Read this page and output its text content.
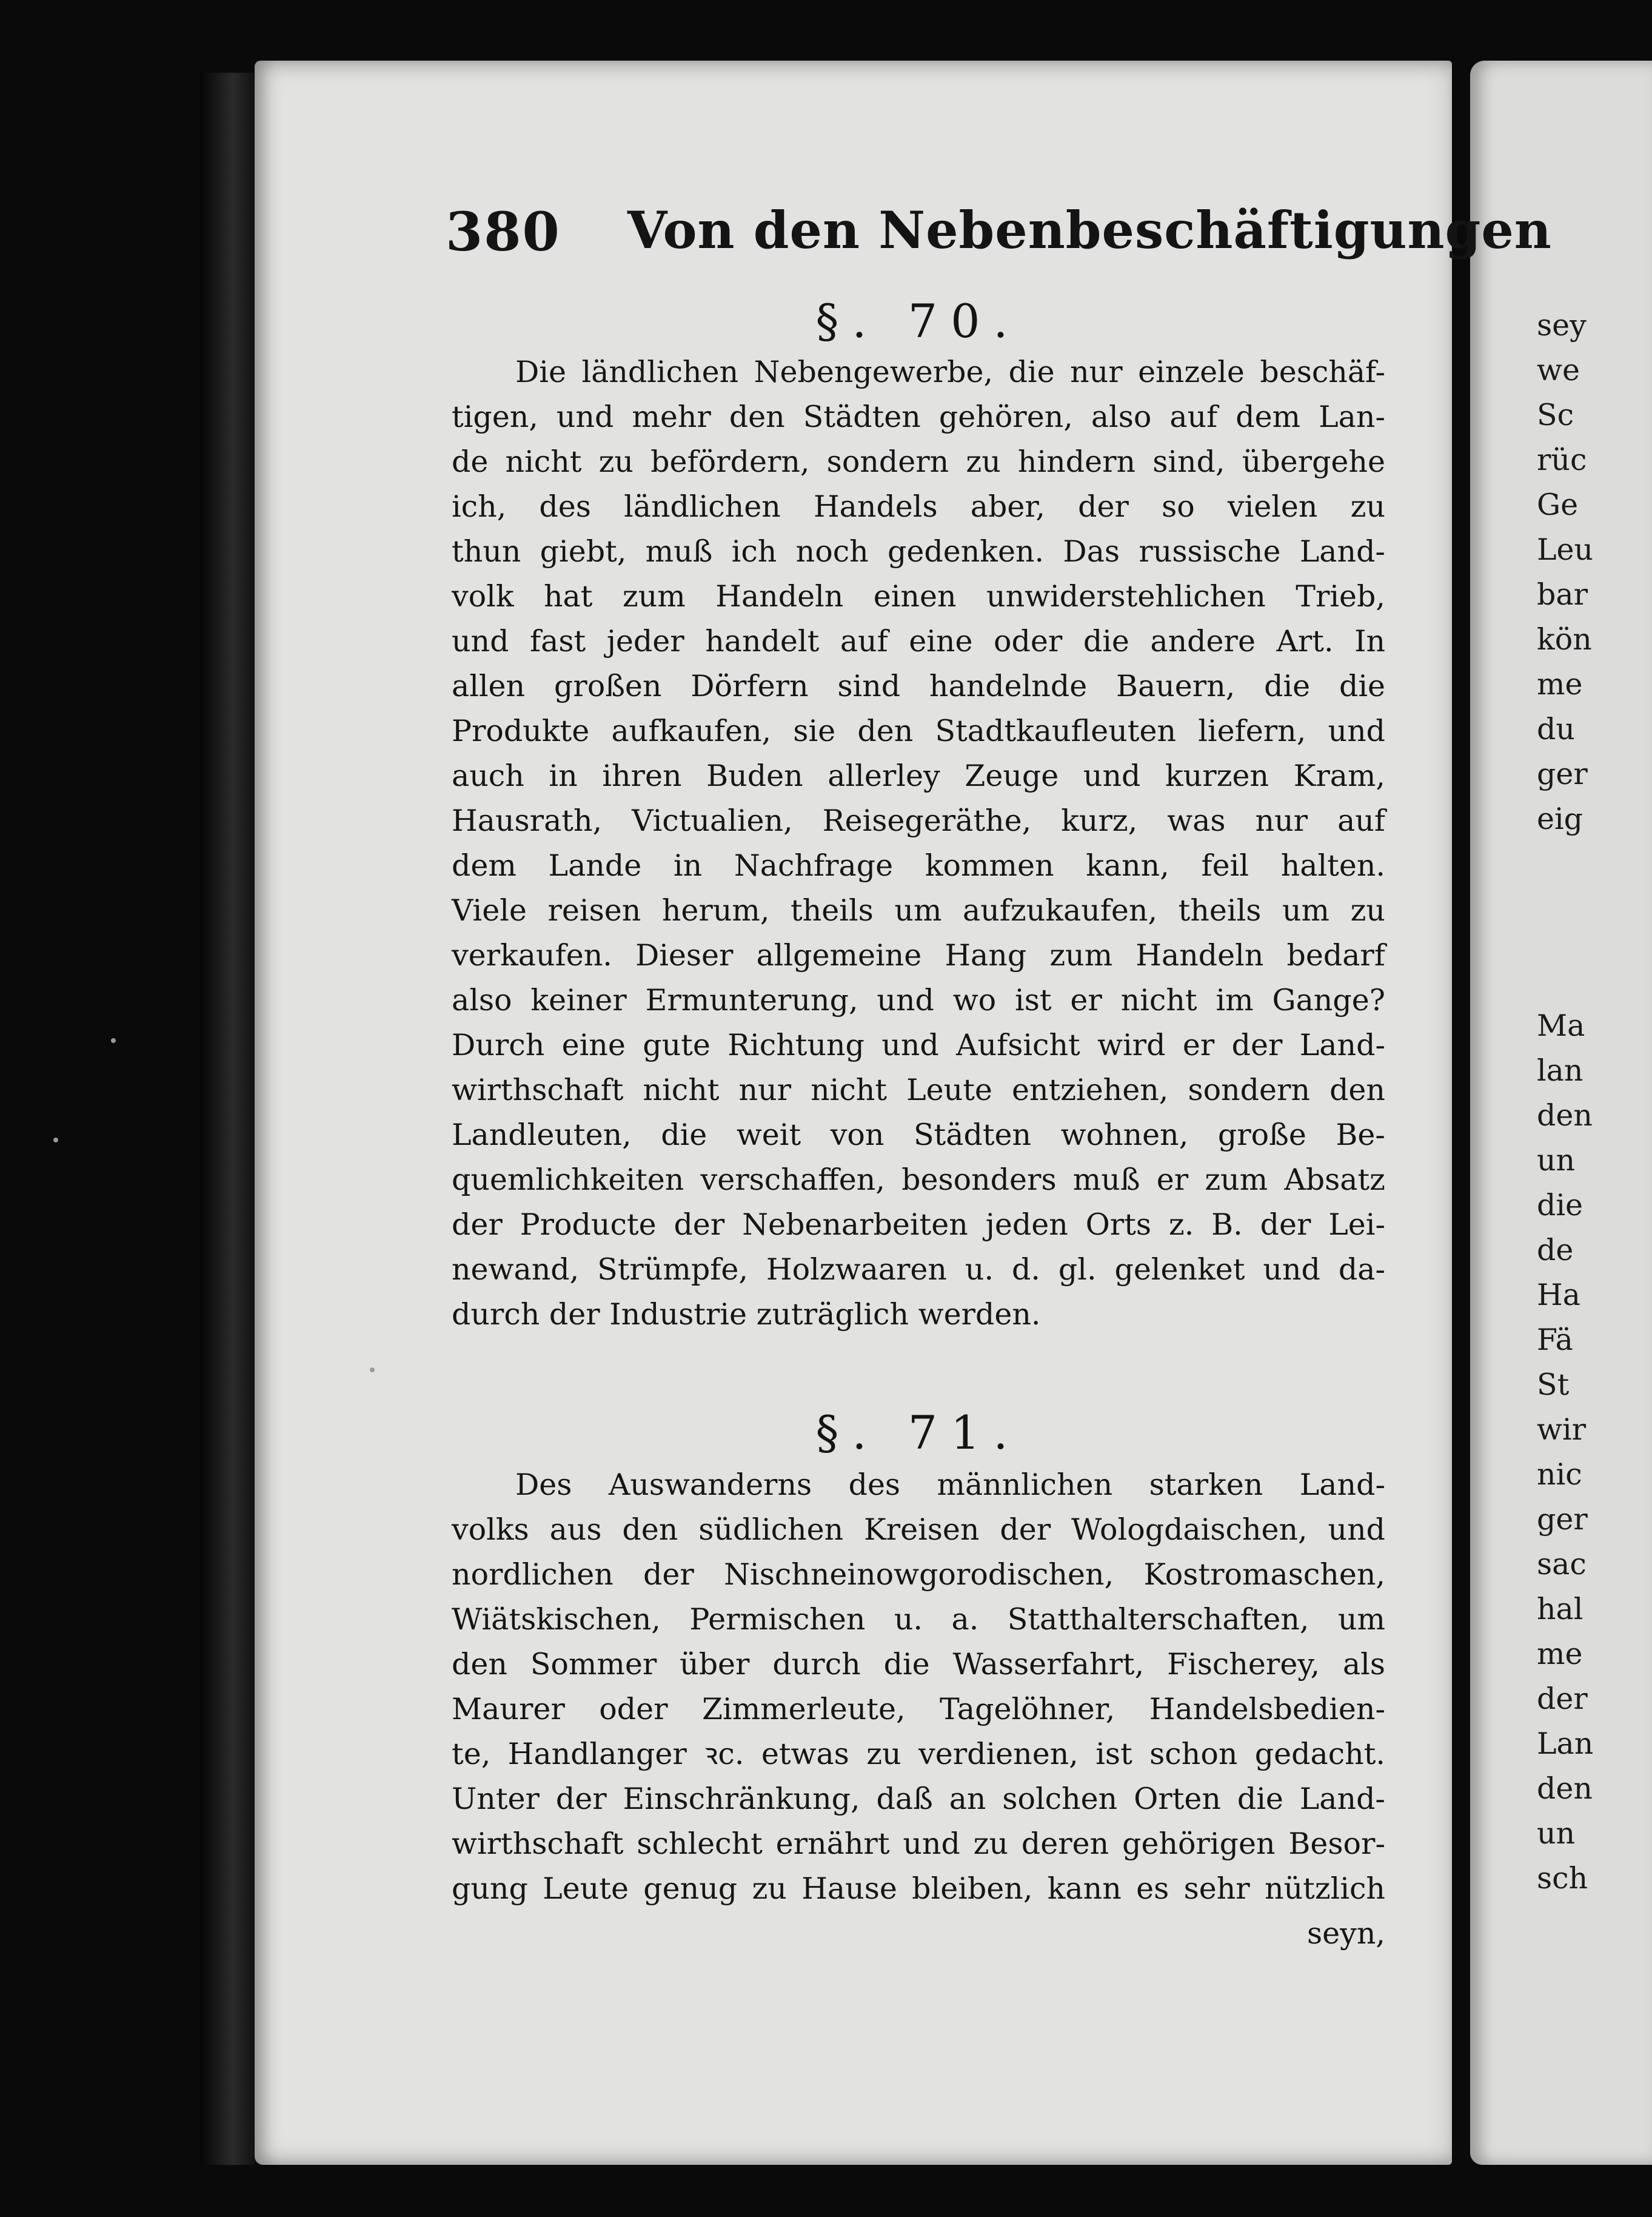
380 Von den Nebenbeschäftigungen
§. 70.
Die ländlichen Nebengewerbe, die nur einzele beschäf-
tigen, und mehr den Städten gehören, also auf dem Lan-
de nicht zu befördern, sondern zu hindern sind, übergehe
ich, des ländlichen Handels aber, der so vielen zu
thun giebt, muß ich noch gedenken. Das russische Land-
volk hat zum Handeln einen unwiderstehlichen Trieb,
und fast jeder handelt auf eine oder die andere Art. In
allen großen Dörfern sind handelnde Bauern, die die
Produkte aufkaufen, sie den Stadtkaufleuten liefern, und
auch in ihren Buden allerley Zeuge und kurzen Kram,
Hausrath, Victualien, Reisegeräthe, kurz, was nur auf
dem Lande in Nachfrage kommen kann, feil halten.
Viele reisen herum, theils um aufzukaufen, theils um zu
verkaufen. Dieser allgemeine Hang zum Handeln bedarf
also keiner Ermunterung, und wo ist er nicht im Gange?
Durch eine gute Richtung und Aufsicht wird er der Land-
wirthschaft nicht nur nicht Leute entziehen, sondern den
Landleuten, die weit von Städten wohnen, große Be-
quemlichkeiten verschaffen, besonders muß er zum Absatz
der Producte der Nebenarbeiten jeden Orts z. B. der Lei-
newand, Strümpfe, Holzwaaren u. d. gl. gelenket und da-
durch der Industrie zuträglich werden.
§. 71.
Des Auswanderns des männlichen starken Land-
volks aus den südlichen Kreisen der Wologdaischen, und
nordlichen der Nischneinowgorodischen, Kostromaschen,
Wiätskischen, Permischen u. a. Statthalterschaften, um
den Sommer über durch die Wasserfahrt, Fischerey, als
Maurer oder Zimmerleute, Tagelöhner, Handelsbedien-
te, Handlanger ꝛc. etwas zu verdienen, ist schon gedacht.
Unter der Einschränkung, daß an solchen Orten die Land-
wirthschaft schlecht ernährt und zu deren gehörigen Besor-
gung Leute genug zu Hause bleiben, kann es sehr nützlich
seyn,
sey
we
Sc
rüc
Ge
Leu
bar
kön
me
du
ger
eig
Ma
lan
den
un
die
de
Ha
Fä
St
wir
nic
ger
sac
hal
me
der
Lan
den
un
sch
